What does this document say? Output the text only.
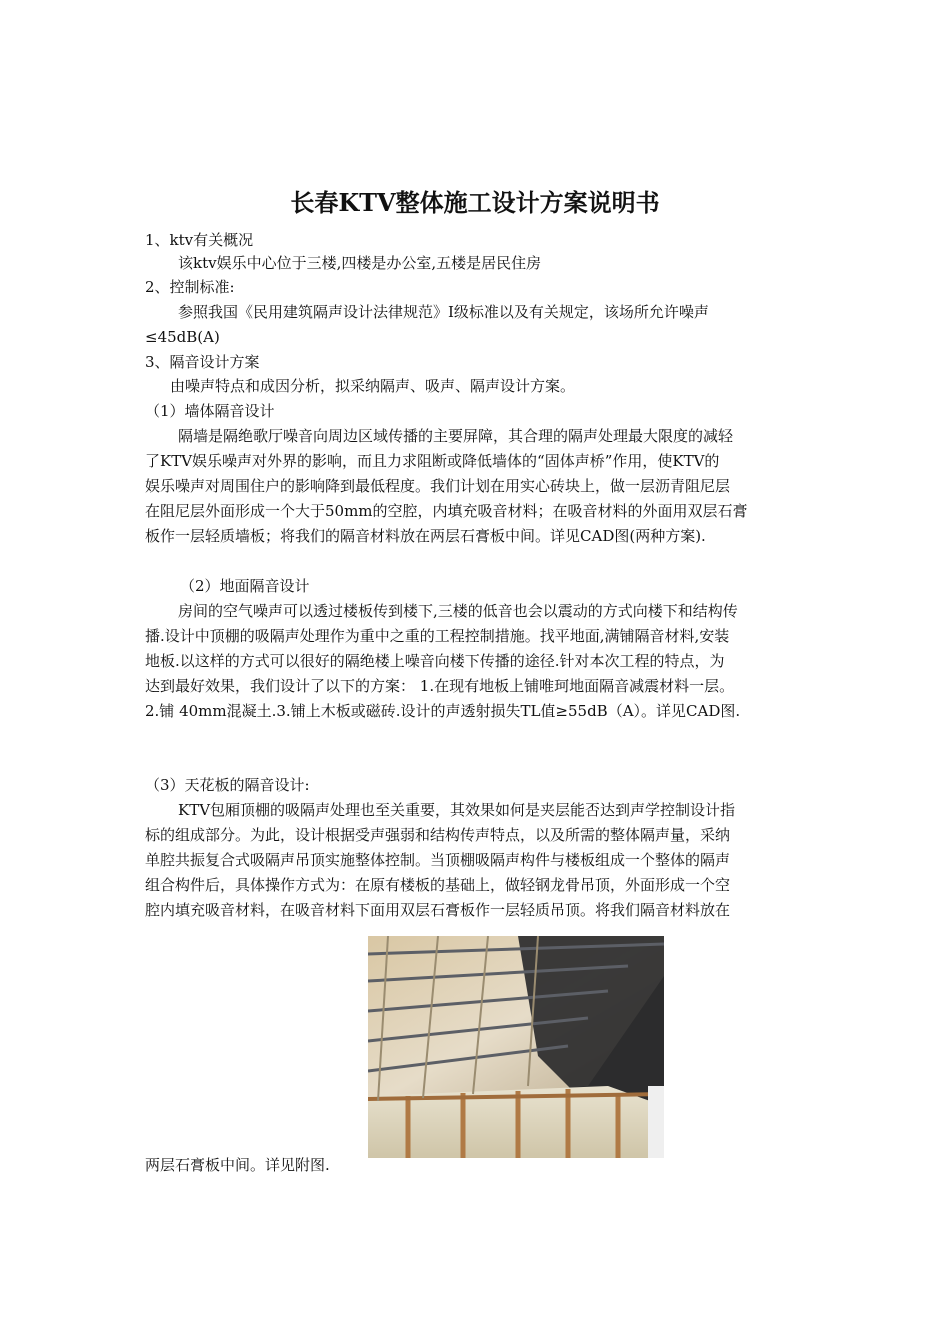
长春KTV整体施工设计方案说明书
1、ktv有关概况
该ktv娱乐中心位于三楼,四楼是办公室,五楼是居民住房
2、控制标准:
参照我国《民用建筑隔声设计法律规范》Ⅰ级标准以及有关规定，该场所允许噪声
≤45dB(A)
3、隔音设计方案
由噪声特点和成因分析，拟采纳隔声、吸声、隔声设计方案。
（1）墙体隔音设计
隔墙是隔绝歌厅噪音向周边区域传播的主要屏障，其合理的隔声处理最大限度的减轻
了KTV娱乐噪声对外界的影响，而且力求阻断或降低墙体的“固体声桥”作用，使KTV的
娱乐噪声对周围住户的影响降到最低程度。我们计划在用实心砖块上，做一层沥青阻尼层
在阻尼层外面形成一个大于50mm的空腔，内填充吸音材料；在吸音材料的外面用双层石膏
板作一层轻质墙板；将我们的隔音材料放在两层石膏板中间。详见CAD图(两种方案).
（2）地面隔音设计
房间的空气噪声可以透过楼板传到楼下,三楼的低音也会以震动的方式向楼下和结构传
播.设计中顶棚的吸隔声处理作为重中之重的工程控制措施。找平地面,满铺隔音材料,安装
地板.以这样的方式可以很好的隔绝楼上噪音向楼下传播的途径.针对本次工程的特点，为
达到最好效果，我们设计了以下的方案： 1.在现有地板上铺唯珂地面隔音减震材料一层。
2.铺 40mm混凝土.3.铺上木板或磁砖.设计的声透射损失TL值≥55dB（A）。详见CAD图.
（3）天花板的隔音设计:
KTV包厢顶棚的吸隔声处理也至关重要，其效果如何是夹层能否达到声学控制设计指
标的组成部分。为此，设计根据受声强弱和结构传声特点，以及所需的整体隔声量，采纳
单腔共振复合式吸隔声吊顶实施整体控制。当顶棚吸隔声构件与楼板组成一个整体的隔声
组合构件后，具体操作方式为：在原有楼板的基础上，做轻钢龙骨吊顶，外面形成一个空
腔内填充吸音材料，在吸音材料下面用双层石膏板作一层轻质吊顶。将我们隔音材料放在
两层石膏板中间。详见附图.
